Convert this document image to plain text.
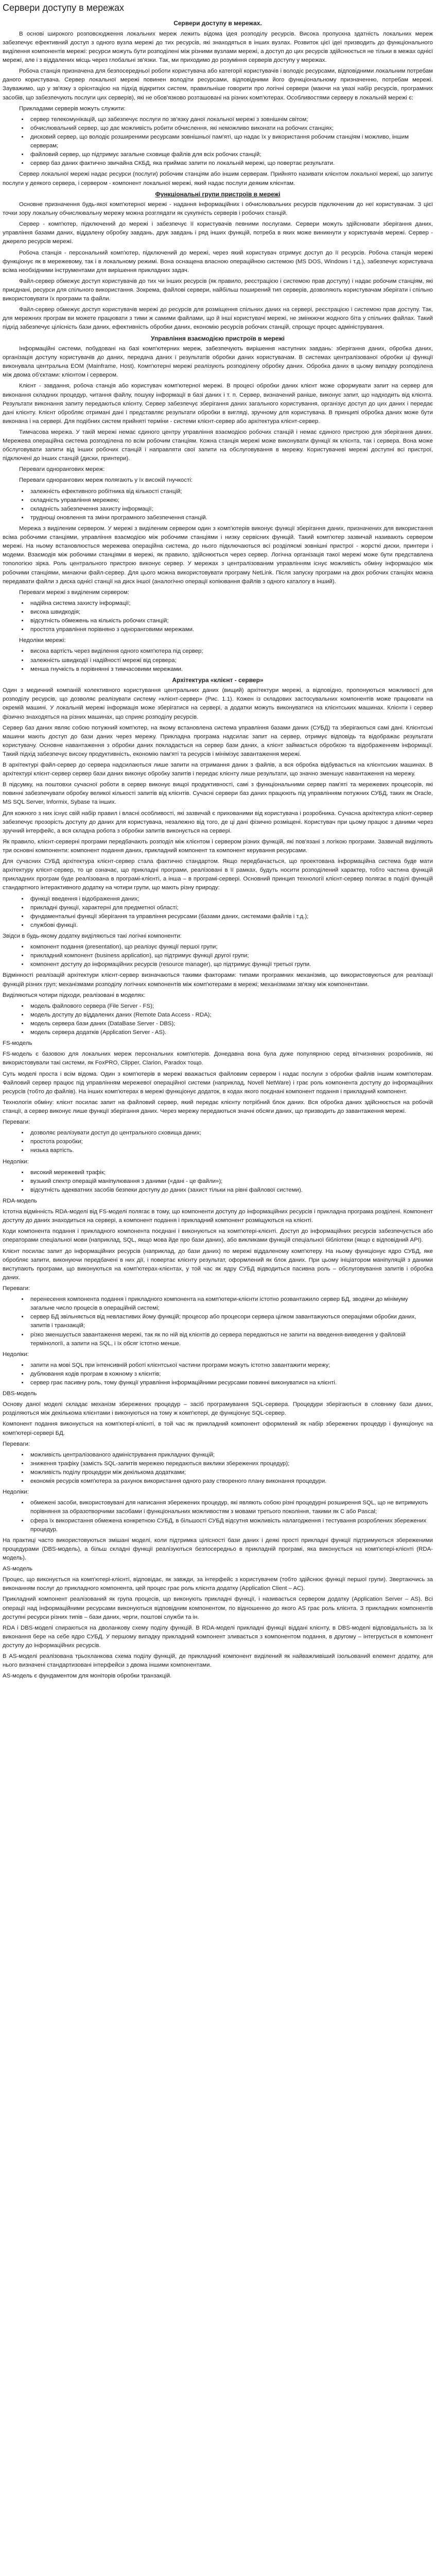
Сервери доступу в мережах
Сервери доступу в мережах.

В основі широкого розповсюдження локальних мереж лежить відома ідея розподілу ресурсів. Висока пропускна здатність локальних мереж забезпечує ефективний доступ з одного вузла мережі до тих ресурсів, які знаходяться в інших вузлах. Розвиток цієї ідеї призводить до функціонального виділення компонентів мережі: ресурси можуть бути розподілені між різними вузлами мережі, а доступ до цих ресурсів здійснюється не тільки в межах однієї мережі, але і з віддалених місць через глобальні зв'язки. Так, ми приходимо до розуміння серверів доступу у мережах.

Робоча станція призначена для безпосередньої роботи користувача або категорії користувачів і володіє ресурсами, відповідними локальним потребам даного користувача. Сервер локальної мережі повинен володіти ресурсами, відповідними його функціональному призначенню, потребам мережі. Зауважимо, що у зв'язку з орієнтацією на підхід відкритих систем, правильніше говорити про логічні сервери (маючи на увазі набір ресурсів, програмних засобів, що забезпечують послуги цих серверів), які не обов'язково розташовані на різних комп'ютерах. Особливостями серверу в локальній мережі є:

Прикладами серверів можуть служити:

• сервер телекомунікацій, що забезпечує послуги по зв'язку даної локальної мережі з зовнішнім світом;
• обчислювальний сервер, що дає можливість робити обчислення, які неможливо виконати на робочих станціях;
• дисковий сервер, що володіє розширеними ресурсами зовнішньої пам'яті, що надає їх у використання робочим станціям і можливо, іншим серверам;
• файловий сервер, що підтримує загальне сховище файлів для всіх робочих станцій;
• сервер баз даних фактично звичайна СКБД, яка приймає запити по локальній мережі, що повертає результати.

Сервер локальної мережі надає ресурси (послуги) робочим станціям або іншим серверам. Прийнято називати клієнтом локальної мережі, що запитує послуги у деякого сервера, і сервером - компонент локальної мережі, який надає послуги деяким клієнтам.

Функціональні групи пристроїв в мережі

Основне призначення будь-якої комп'ютерної мережі - надання інформаційних і обчислювальних ресурсів підключеним до неї користувачам. З цієї точки зору локальну обчислювальну мережу можна розглядати як сукупність серверів і робочих станцій.

Сервер - комп'ютер, підключений до мережі і забезпечує її користувачів певними послугами. Сервери можуть здійснювати зберігання даних, управління базами даних, віддалену обробку завдань, друк завдань і ряд інших функцій, потреба в яких може виникнути у користувачів мережі. Сервер - джерело ресурсів мережі.

Робоча станція - персональний комп'ютер, підключений до мережі, через який користувач отримує доступ до її ресурсів. Робоча станція мережі функціонує як в мережевому, так і в локальному режимі. Вона оснащена власною операційною системою (MS DOS, Windows і т.д.), забезпечує користувача всіма необхідними інструментами для вирішення прикладних задач.

Файл-сервер обмежує доступ користувачів до тих чи інших ресурсів (як правило, реєстрацією і системою прав доступу) і надає робочим станціям, які приєднані, ресурси для спільного використання. Зокрема, файлові сервери, найбільш поширений тип серверів, дозволяють користувачам зберігати і спільно використовувати їх програми та файли.

Файл-сервер обмежує доступ користувачів мережі до ресурсів для розміщення спільних даних на сервері, реєстрацією і системою прав доступу. Так, для мережних програм ви можете працювати з тими ж самими файлами, що й інші користувачі мережі, не змінюючи жодного біта у спільних файлах. Такий підхід забезпечує цілісність бази даних, ефективність обробки даних, економію ресурсів робочих станцій, спрощує процес адміністрування.

Управління взаємодією пристроїв в мережі

Інформаційні системи, побудовані на базі комп'ютерних мереж, забезпечують вирішення наступних завдань: зберігання даних, обробка даних, організація доступу користувачів до даних, передача даних і результатів обробки даних користувачам. В системах централізованої обробки ці функції виконувала центральна ЕОМ (Mainframe, Host). Комп'ютерні мережі реалізують розподілену обробку даних. Обробка даних в цьому випадку розподілена між двома об'єктами: клієнтом і сервером.

Клієнт - завдання, робоча станція або користувач комп'ютерної мережі. В процесі обробки даних клієнт може сформувати запит на сервер для виконання складних процедур, читання файлу, пошуку інформації в базі даних і т. п. Сервер, визначений раніше, виконує запит, що надходить від клієнта. Результати виконання запиту передаються клієнту. Сервер забезпечує зберігання даних загального користування, організує доступ до цих даних і передає дані клієнту. Клієнт обробляє отримані дані і представляє результати обробки в вигляді, зручному для користувача. В принципі обробка даних може бути виконана і на сервері. Для подібних систем прийняті терміни - системи клієнт-сервер або архітектура клієнт-сервер.

Тимчасова мережа. У такій мережі немає єдиного центру управління взаємодією робочих станцій і немає єдиного пристрою для зберігання даних. Мережева операційна система розподілена по всім робочим станціям. Кожна станція мережі може виконувати функції як клієнта, так і сервера. Вона може обслуговувати запити від інших робочих станцій і направляти свої запити на обслуговування в мережу. Користувачеві мережі доступні всі пристрої, підключені до інших станцій (диски, принтери).

Переваги однорангових мереж:

Переваги однорангових мереж полягають у їх високій гнучкості:

• залежність ефективного робітника від кількості станцій;
• складність управління мережею;
• складність забезпечення захисту інформації;
• труднощі оновлення та зміни програмного забезпечення станцій.

Мережа з виділеним сервером. У мережі з виділеним сервером один з комп'ютерів виконує функції зберігання даних, призначених для використання всіма робочими станціями, управління взаємодією між робочими станціями і низку сервісних функцій. Такий комп'ютер зазвичай називають сервером мережі. На ньому встановлюється мережева операційна система, до нього підключаються всі розділяємі зовнішні пристрої - жорсткі диски, принтери і модеми. Взаємодія між робочими станціями в мережі, як правило, здійснюється через сервер. Логічна організація такої мережі може бути представлена топологією зірка. Роль центрального пристрою виконує сервер. У мережах з централізованим управлінням існує можливість обміну інформацією між робочими станціями, минаючи файл-сервер. Для цього можна використовувати програму NetLink. Після запуску програми на двох робочих станціях можна передавати файли з диска однієї станції на диск іншої (аналогічно операції копіювання файлів з одного каталогу в інший).

Переваги мережі з виділеним сервером:

• надійна система захисту інформації;
• висока швидкодія;
• відсутність обмежень на кількість робочих станцій;
• простота управління порівняно з одноранговими мережами.

Недоліки мережі:

• висока вартість через виділення одного комп'ютера під сервер;
• залежність швидкодії і надійності мережі від сервера;
• менша гнучкість в порівнянні з тимчасовими мережами.
Архітектура «клієнт - сервер»

Один з медичний компаній колективного користування центральних даних (вищий) архітектури мережі, а відповідно, пропонуються можливості для розподілу ресурсів, що дозволяє реалізувати систему «клієнт-сервер» (Рис. 1.1). Кожен із складових застосувальних компонентів може працювати на окремій машині. У локальній мережі інформація може зберігатися на сервері, а додатки можуть виконуватися на клієнтських машинах. Клієнти і сервер фізично знаходяться на різних машинах, що сприяє розподілу ресурсів.

Сервер баз даних являє собою потужний комп'ютер, на якому встановлена система управління базами даних (СУБД) та зберігаються самі дані. Клієнтські машини мають доступ до бази даних через мережу. Прикладна програма надсилає запит на сервер, отримує відповідь та відображає результати користувачу. Основне навантаження з обробки даних покладається на сервер бази даних, а клієнт займається обробкою та відображенням інформації. Такий підхід забезпечує високу продуктивність, економію пам'яті та ресурсів і мінімізує завантаження мережі.

В архітектурі файл-сервер до сервера надсилаються лише запити на отримання даних з файлів, а вся обробка відбувається на клієнтських машинах. В архітектурі клієнт-сервер сервер бази даних виконує обробку запитів і передає клієнту лише результати, що значно зменшує навантаження на мережу.

В підсумку, на поштовхи сучасної роботи в сервер виконує вищої продуктивності, самі з функціональними сервер пам'яті та мережевих процесорів, які повинні забезпечувати обробку великої кількості запитів від клієнтів. Сучасні сервери баз даних працюють під управлінням потужних СУБД, таких як Oracle, MS SQL Server, Informix, Sybase та інших.

Для кожного з них існує свій набір правил і власні особливості, які зазвичай є прихованими від користувача і розробника. Сучасна архітектура клієнт-сервер забезпечує прозорість доступу до даних для користувача, незалежно від того, де ці дані фізично розміщені. Користувач при цьому працює з даними через зручний інтерфейс, а вся складна робота з обробки запитів виконується на сервері.

Як правило, клієнт-серверні програми передбачають розподіл між клієнтом і сервером різних функцій, які пов'язані з логікою програми. Зазвичай виділяють три основні компоненти: компонент подання даних, прикладний компонент та компонент керування ресурсами.

Для сучасних СУБД архітектура клієнт-сервер стала фактично стандартом. Якщо передбачається, що проектована інформаційна система буде мати архітектуру клієнт-сервер, то це означає, що прикладні програми, реалізовані в її рамках, будуть носити розподілений характер, тобто частина функцій прикладних програм буде реалізована в програмі-клієнті, а інша – в програмі-сервері. Основний принцип технології клієнт-сервер полягає в поділі функцій стандартного інтерактивного додатку на чотири групи, що мають різну природу:

• функції введення і відображення даних;
• прикладні функції, характерні для предметної області;
• фундаментальні функції зберігання та управління ресурсами (базами даних, системами файлів і т.д.);
• службові функції.

Звідси в будь-якому додатку виділяються такі логічні компоненти:

• компонент подання (presentation), що реалізує функції першої групи;
• прикладний компонент (business application), що підтримує функції другої групи;
• компонент доступу до інформаційних ресурсів (resource manager), що підтримує функції третьої групи.

Відмінності реалізацій архітектури клієнт-сервер визначаються такими факторами: типами програмних механізмів, що використовуються для реалізації функцій різних груп; механізмами розподілу логічних компонентів між комп'ютерами в мережі; механізмами зв'язку між компонентами.

Виділяються чотири підходи, реалізовані в моделях:

• модель файлового сервера (File Server - FS);
• модель доступу до віддалених даних (Remote Data Access - RDA);
• модель сервера бази даних (DataBase Server - DBS);
• модель сервера додатків (Application Server - AS).

FS-модель

FS-модель є базовою для локальних мереж персональних комп'ютерів. Донедавна вона була дуже популярною серед вітчизняних розробників, які використовували такі системи, як FoxPRO, Clipper, Clarion, Paradox тощо.

Суть моделі проста і всім відома. Один з комп'ютерів в мережі вважається файловим сервером і надає послуги з обробки файлів іншим комп'ютерам. Файловий сервер працює під управлінням мережевої операційної системи (наприклад, Novell NetWare) і грає роль компонента доступу до інформаційних ресурсів (тобто до файлів). На інших комп'ютерах в мережі функціонує додаток, в кодах якого поєднані компонент подання і прикладний компонент.

Технологія обміну: клієнт посилає запит на файловий сервер, який передає клієнту потрібний блок даних. Вся обробка даних здійснюється на робочій станції, а сервер виконує лише функції зберігання даних. Через мережу передаються значні обсяги даних, що призводить до завантаження мережі.

Переваги:

• дозволяє реалізувати доступ до центрального сховища даних;
• простота розробки;
• низька вартість.

Недоліки:

• високий мережевий трафік;
• вузький спектр операцій маніпулювання з даними («дані - це файли»);
• відсутність адекватних засобів безпеки доступу до даних (захист тільки на рівні файлової системи).

RDA-модель

Істотна відмінність RDA-моделі від FS-моделі полягає в тому, що компоненти доступу до інформаційних ресурсів і прикладна програма розділені. Компонент доступу до даних знаходиться на сервері, а компонент подання і прикладний компонент розміщуються на клієнті.

Коди компонента подання і прикладного компонента поєднані і виконуються на комп'ютері-клієнті. Доступ до інформаційних ресурсів забезпечується або операторами спеціальної мови (наприклад, SQL, якщо мова йде про бази даних), або викликами функцій спеціальної бібліотеки (якщо є відповідний API).

Клієнт посилає запит до інформаційних ресурсів (наприклад, до бази даних) по мережі віддаленому комп'ютеру. На ньому функціонує ядро СУБД, яке обробляє запити, виконуючи передбачені в них дії, і повертає клієнту результат, оформлений як блок даних. При цьому ініціатором маніпуляцій з даними виступають програми, що виконуються на комп'ютерах-клієнтах, у той час як ядру СУБД відводиться пасивна роль – обслуговування запитів і обробка даних.

Переваги:

• перенесення компонента подання і прикладного компонента на комп'ютери-клієнти істотно розвантажило сервер БД, зводячи до мінімуму загальне число процесів в операційній системі;
• сервер БД звільняється від невластивих йому функцій; процесор або процесори сервера цілком завантажуються операціями обробки даних, запитів і транзакцій;
• різко зменшується завантаження мережі, так як по ній від клієнтів до сервера передаються не запити на введення-виведення у файловій термінології, а запити на SQL, і їх обсяг істотно менше.

Недоліки:

• запити на мові SQL при інтенсивній роботі клієнтської частини програми можуть істотно завантажити мережу;
• дублювання кодів програм в кожному з клієнтів;
• сервер грає пасивну роль, тому функції управління інформаційними ресурсами повинні виконуватися на клієнті.

DBS-модель

Основу даної моделі складає механізм збережених процедур – засіб програмування SQL-сервера. Процедури зберігаються в словнику бази даних, розділяються між декількома клієнтами і виконуються на тому ж комп'ютері, де функціонує SQL-сервер.

Компонент подання виконується на комп'ютері-клієнті, в той час як прикладний компонент оформлений як набір збережених процедур і функціонує на комп'ютері-сервері БД.

Переваги:

• можливість централізованого адміністрування прикладних функцій;
• зниження трафіку (замість SQL-запитів мережею передаються виклики збережених процедур);
• можливість поділу процедури між декількома додатками;
• економія ресурсів комп'ютера за рахунок використання одного разу створеного плану виконання процедури.

Недоліки:

• обмежені засоби, використовувані для написання збережених процедур, які являють собою різні процедурні розширення SQL, що не витримують порівняння за образотворчими засобами і функціональних можливостям з мовами третього покоління, такими як С або Pascal;
• сфера їх використання обмежена конкретною СУБД, в більшості СУБД відсутня можливість налагодження і тестування розроблених збережених процедур.

На практиці часто використовуються змішані моделі, коли підтримка цілісності бази даних і деякі прості прикладні функції підтримуються збереженими процедурами (DBS-модель), а більш складні функції реалізуються безпосередньо в прикладній програмі, яка виконується на комп'ютері-клієнті (RDA-модель).

AS-модель

Процес, що виконується на комп'ютері-клієнті, відповідає, як завжди, за інтерфейс з користувачем (тобто здійснює функції першої групи). Звертаючись за виконанням послуг до прикладного компонента, цей процес грає роль клієнта додатку (Application Client – AC).

Прикладний компонент реалізований як група процесів, що виконують прикладні функції, і називається сервером додатку (Application Server – AS). Всі операції над інформаційними ресурсами виконуються відповідним компонентом, по відношенню до якого AS грає роль клієнта. З прикладних компонентів доступні ресурси різних типів – бази даних, черги, поштові служби та ін.

RDA і DBS-моделі спираються на дволанкову схему поділу функцій. В RDA-моделі прикладні функції віддані клієнту, в DBS-моделі відповідальність за їх виконання бере на себе ядро СУБД. У першому випадку прикладний компонент зливається з компонентом подання, в другому – інтегрується в компонент доступу до інформаційних ресурсів.

В AS-моделі реалізована трьохланкова схема поділу функцій, де прикладний компонент виділений як найважливіший ізольований елемент додатку, для нього визначені стандартизовані інтерфейси з двома іншими компонентами.

AS-модель є фундаментом для моніторів обробки транзакцій.
